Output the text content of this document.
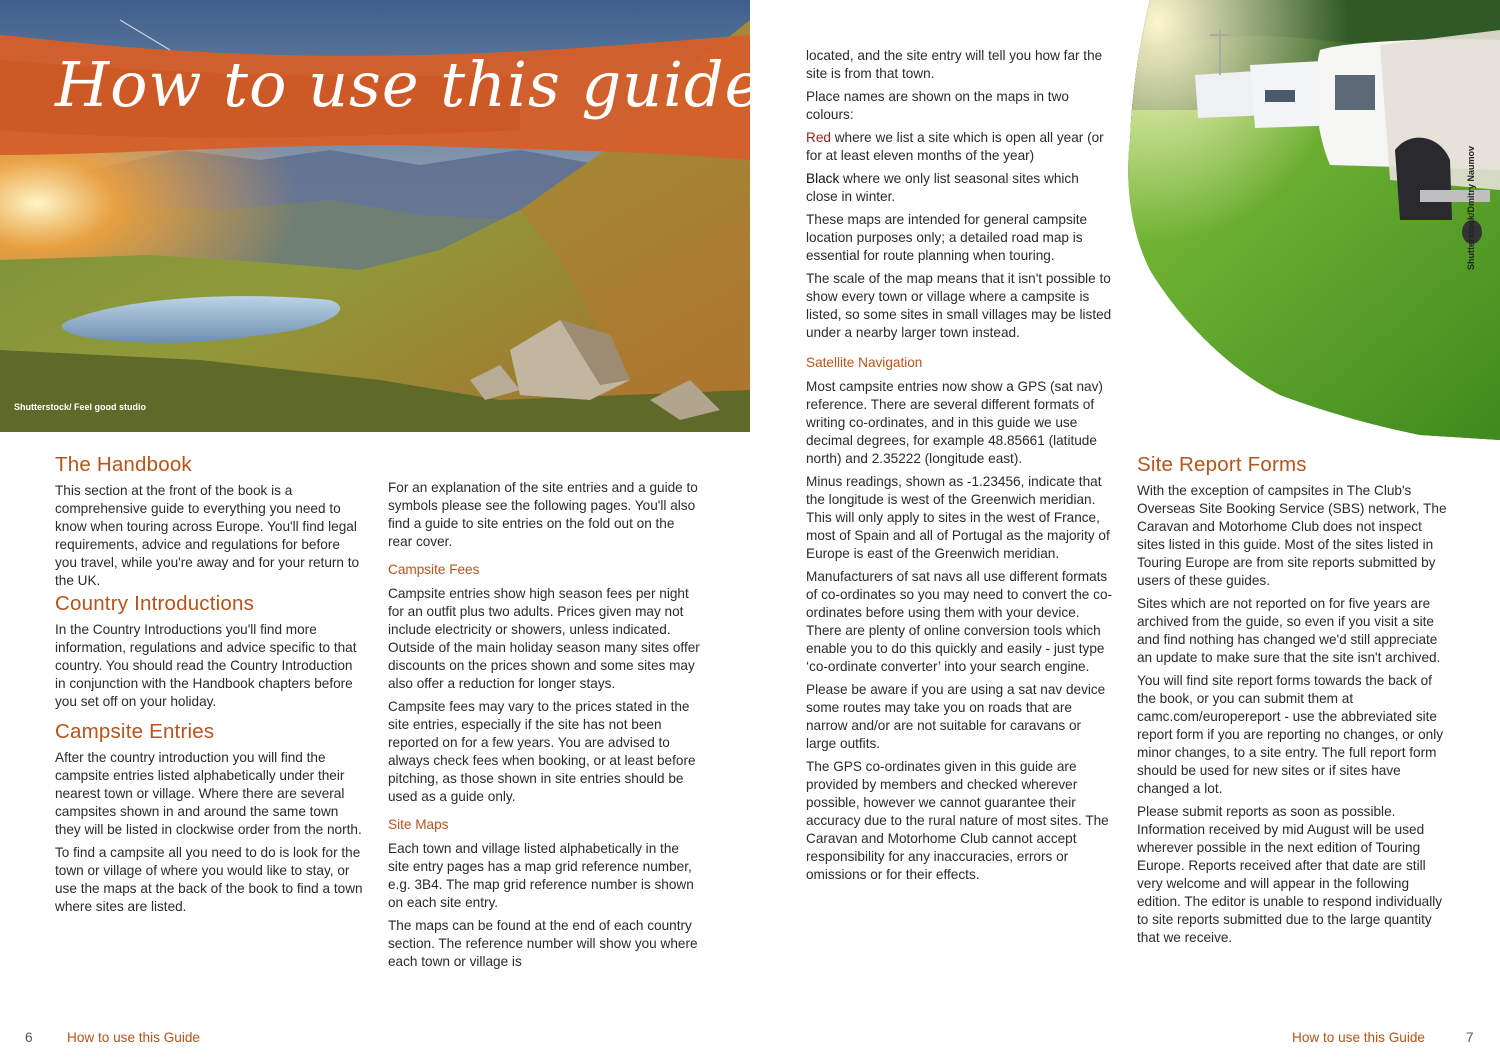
How to use this guide
Shutterstock/ Feel good studio
Shutterstock/Dmitry Naumov
The Handbook

This section at the front of the book is a comprehensive guide to everything you need to know when touring across Europe. You'll find legal requirements, advice and regulations for before you travel, while you're away and for your return to the UK.

Country Introductions

In the Country Introductions you'll find more information, regulations and advice specific to that country. You should read the Country Introduction in conjunction with the Handbook chapters before you set off on your holiday.

Campsite Entries

After the country introduction you will find the campsite entries listed alphabetically under their nearest town or village. Where there are several campsites shown in and around the same town they will be listed in clockwise order from the north.

To find a campsite all you need to do is look for the town or village of where you would like to stay, or use the maps at the back of the book to find a town where sites are listed.

For an explanation of the site entries and a guide to symbols please see the following pages. You'll also find a guide to site entries on the fold out on the rear cover.

Campsite Fees

Campsite entries show high season fees per night for an outfit plus two adults. Prices given may not include electricity or showers, unless indicated. Outside of the main holiday season many sites offer discounts on the prices shown and some sites may also offer a reduction for longer stays.

Campsite fees may vary to the prices stated in the site entries, especially if the site has not been reported on for a few years. You are advised to always check fees when booking, or at least before pitching, as those shown in site entries should be used as a guide only.

Site Maps

Each town and village listed alphabetically in the site entry pages has a map grid reference number, e.g. 3B4. The map grid reference number is shown on each site entry.

The maps can be found at the end of each country section. The reference number will show you where each town or village is

located, and the site entry will tell you how far the site is from that town.

Place names are shown on the maps in two colours:

Red where we list a site which is open all year (or for at least eleven months of the year)

Black where we only list seasonal sites which close in winter.

These maps are intended for general campsite location purposes only; a detailed road map is essential for route planning when touring.

The scale of the map means that it isn't possible to show every town or village where a campsite is listed, so some sites in small villages may be listed under a nearby larger town instead.

Satellite Navigation

Most campsite entries now show a GPS (sat nav) reference. There are several different formats of writing co-ordinates, and in this guide we use decimal degrees, for example 48.85661 (latitude north) and 2.35222 (longitude east).

Minus readings, shown as -1.23456, indicate that the longitude is west of the Greenwich meridian. This will only apply to sites in the west of France, most of Spain and all of Portugal as the majority of Europe is east of the Greenwich meridian.

Manufacturers of sat navs all use different formats of co-ordinates so you may need to convert the co-ordinates before using them with your device. There are plenty of online conversion tools which enable you to do this quickly and easily - just type ‘co-ordinate converter’ into your search engine.

Please be aware if you are using a sat nav device some routes may take you on roads that are narrow and/or are not suitable for caravans or large outfits.

The GPS co-ordinates given in this guide are provided by members and checked wherever possible, however we cannot guarantee their accuracy due to the rural nature of most sites. The Caravan and Motorhome Club cannot accept responsibility for any inaccuracies, errors or omissions or for their effects.

Site Report Forms

With the exception of campsites in The Club's Overseas Site Booking Service (SBS) network, The Caravan and Motorhome Club does not inspect sites listed in this guide. Most of the sites listed in Touring Europe are from site reports submitted by users of these guides.

Sites which are not reported on for five years are archived from the guide, so even if you visit a site and find nothing has changed we'd still appreciate an update to make sure that the site isn't archived.

You will find site report forms towards the back of the book, or you can submit them at camc.com/europereport - use the abbreviated site report form if you are reporting no changes, or only minor changes, to a site entry. The full report form should be used for new sites or if sites have changed a lot.

Please submit reports as soon as possible. Information received by mid August will be used wherever possible in the next edition of Touring Europe. Reports received after that date are still very welcome and will appear in the following edition. The editor is unable to respond individually to site reports submitted due to the large quantity that we receive.

6	How to use this Guide	How to use this Guide	7
